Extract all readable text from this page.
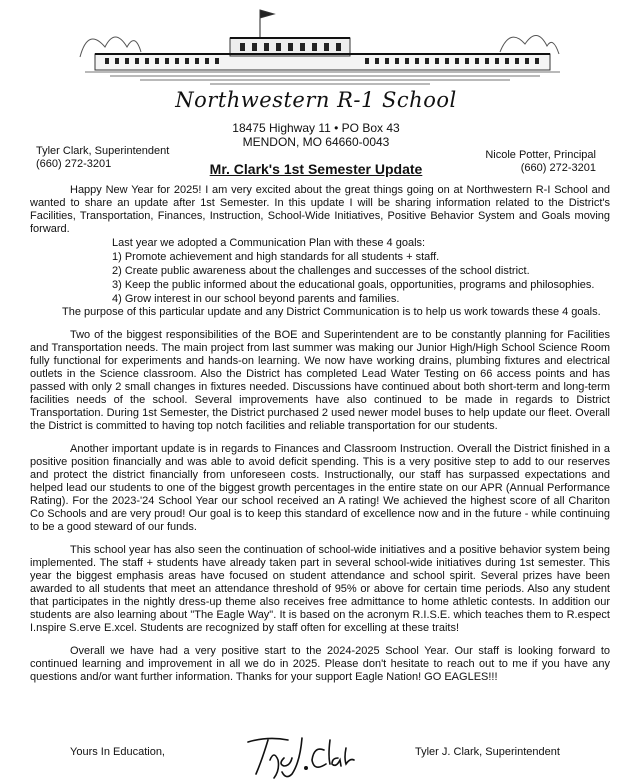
Northwestern R-1 School
18475 Highway 11 • PO Box 43
MENDON, MO 64660-0043
Tyler Clark, Superintendent
(660) 272-3201
Nicole Potter, Principal
(660) 272-3201
Mr. Clark's 1st Semester Update

Happy New Year for 2025! I am very excited about the great things going on at Northwestern R-I School and wanted to share an update after 1st Semester. In this update I will be sharing information related to the District's Facilities, Transportation, Finances, Instruction, School-Wide Initiatives, Positive Behavior System and Goals moving forward.

Last year we adopted a Communication Plan with these 4 goals:
1) Promote achievement and high standards for all students + staff.
2) Create public awareness about the challenges and successes of the school district.
3) Keep the public informed about the educational goals, opportunities, programs and philosophies.
4) Grow interest in our school beyond parents and families.

The purpose of this particular update and any District Communication is to help us work towards these 4 goals.

Two of the biggest responsibilities of the BOE and Superintendent are to be constantly planning for Facilities and Transportation needs. The main project from last summer was making our Junior High/High School Science Room fully functional for experiments and hands-on learning. We now have working drains, plumbing fixtures and electrical outlets in the Science classroom. Also the District has completed Lead Water Testing on 66 access points and has passed with only 2 small changes in fixtures needed. Discussions have continued about both short-term and long-term facilities needs of the school. Several improvements have also continued to be made in regards to District Transportation. During 1st Semester, the District purchased 2 used newer model buses to help update our fleet. Overall the District is committed to having top notch facilities and reliable transportation for our students.

Another important update is in regards to Finances and Classroom Instruction. Overall the District finished in a positive position financially and was able to avoid deficit spending. This is a very positive step to add to our reserves and protect the district financially from unforeseen costs. Instructionally, our staff has surpassed expectations and helped lead our students to one of the biggest growth percentages in the entire state on our APR (Annual Performance Rating). For the 2023-'24 School Year our school received an A rating! We achieved the highest score of all Chariton Co Schools and are very proud! Our goal is to keep this standard of excellence now and in the future - while continuing to be a good steward of our funds.

This school year has also seen the continuation of school-wide initiatives and a positive behavior system being implemented. The staff + students have already taken part in several school-wide initiatives during 1st semester. This year the biggest emphasis areas have focused on student attendance and school spirit. Several prizes have been awarded to all students that meet an attendance threshold of 95% or above for certain time periods. Also any student that participates in the nightly dress-up theme also receives free admittance to home athletic contests. In addition our students are also learning about "The Eagle Way". It is based on the acronym R.I.S.E. which teaches them to R.espect I.nspire S.erve E.xcel. Students are recognized by staff often for excelling at these traits!

Overall we have had a very positive start to the 2024-2025 School Year. Our staff is looking forward to continued learning and improvement in all we do in 2025. Please don't hesitate to reach out to me if you have any questions and/or want further information. Thanks for your support Eagle Nation! GO EAGLES!!!

Yours In Education,	Tyler J. Clark, Superintendent
